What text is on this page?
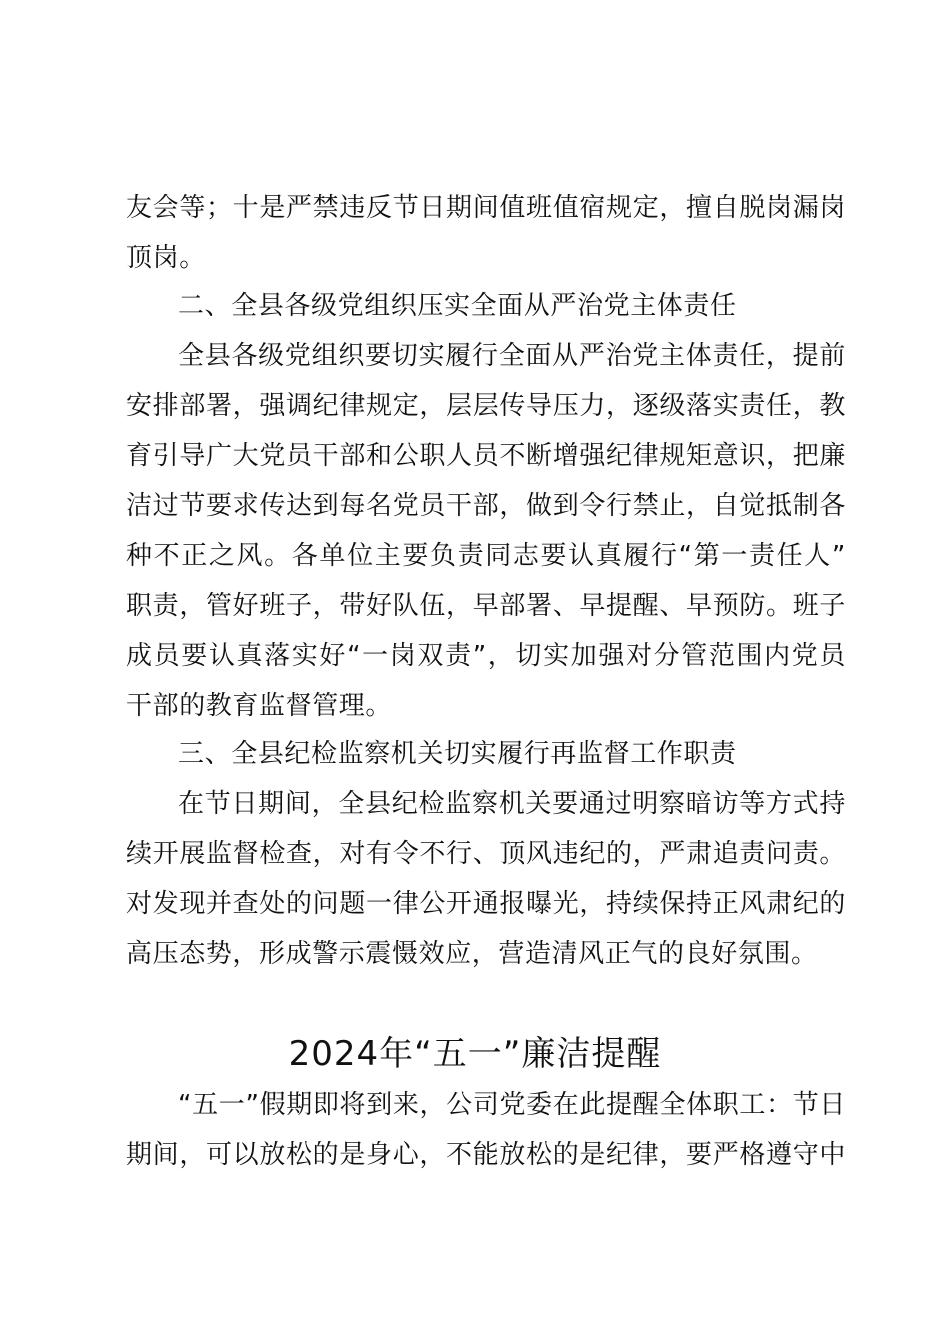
友会等；十是严禁违反节日期间值班值宿规定，擅自脱岗漏岗
顶岗。
二、全县各级党组织压实全面从严治党主体责任
全县各级党组织要切实履行全面从严治党主体责任，提前
安排部署，强调纪律规定，层层传导压力，逐级落实责任，教
育引导广大党员干部和公职人员不断增强纪律规矩意识，把廉
洁过节要求传达到每名党员干部，做到令行禁止，自觉抵制各
种不正之风。各单位主要负责同志要认真履行“第一责任人”
职责，管好班子，带好队伍，早部署、早提醒、早预防。班子
成员要认真落实好“一岗双责”，切实加强对分管范围内党员
干部的教育监督管理。
三、全县纪检监察机关切实履行再监督工作职责
在节日期间，全县纪检监察机关要通过明察暗访等方式持
续开展监督检查，对有令不行、顶风违纪的，严肃追责问责。
对发现并查处的问题一律公开通报曝光，持续保持正风肃纪的
高压态势，形成警示震慑效应，营造清风正气的良好氛围。
2024年“五一”廉洁提醒
“五一”假期即将到来，公司党委在此提醒全体职工：节日
期间，可以放松的是身心，不能放松的是纪律，要严格遵守中
